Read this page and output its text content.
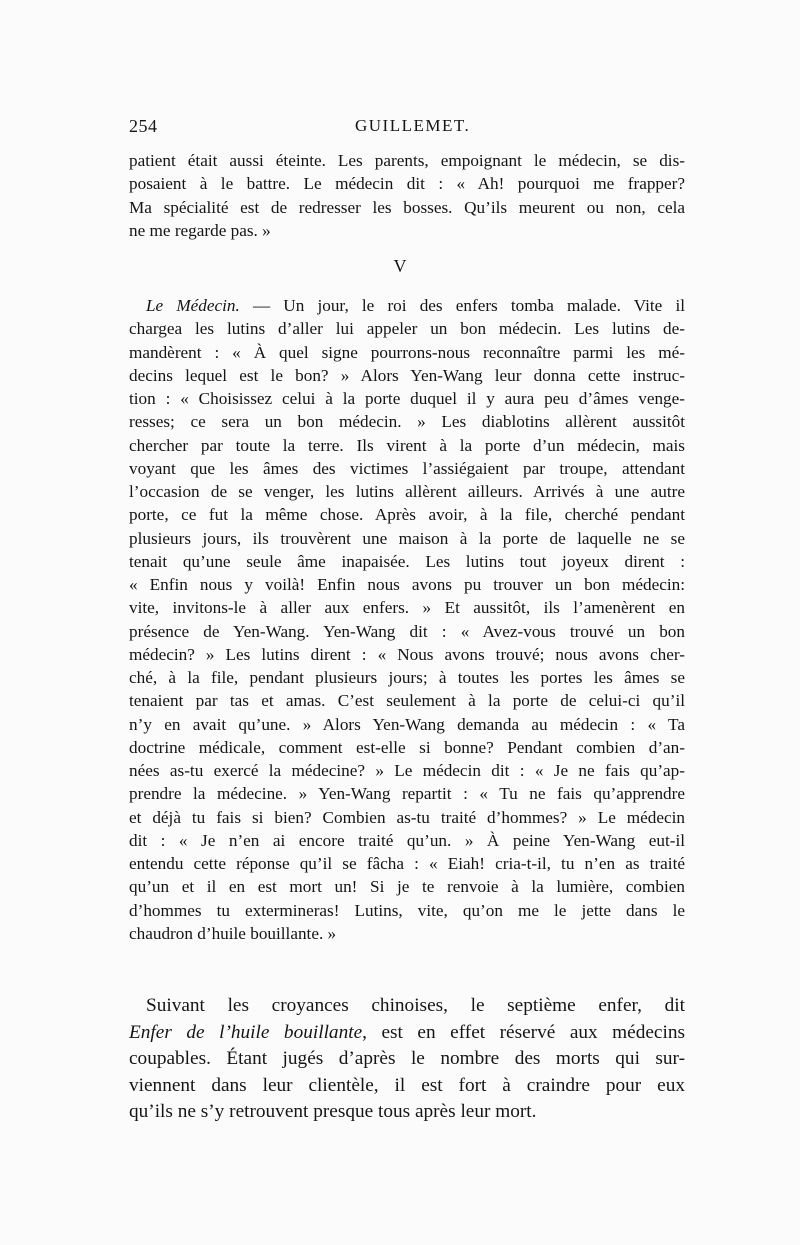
254	GUILLEMET.
patient était aussi éteinte. Les parents, empoignant le médecin, se dis-
posaient à le battre. Le médecin dit : « Ah! pourquoi me frapper?
Ma spécialité est de redresser les bosses. Qu’ils meurent ou non, cela
ne me regarde pas. »
V
Le Médecin. — Un jour, le roi des enfers tomba malade. Vite il
chargea les lutins d’aller lui appeler un bon médecin. Les lutins de-
mandèrent : « À quel signe pourrons-nous reconnaître parmi les mé-
decins lequel est le bon? » Alors Yen-Wang leur donna cette instruc-
tion : « Choisissez celui à la porte duquel il y aura peu d’âmes venge-
resses; ce sera un bon médecin. » Les diablotins allèrent aussitôt
chercher par toute la terre. Ils virent à la porte d’un médecin, mais
voyant que les âmes des victimes l’assiégaient par troupe, attendant
l’occasion de se venger, les lutins allèrent ailleurs. Arrivés à une autre
porte, ce fut la même chose. Après avoir, à la file, cherché pendant
plusieurs jours, ils trouvèrent une maison à la porte de laquelle ne se
tenait qu’une seule âme inapaisée. Les lutins tout joyeux dirent :
« Enfin nous y voilà! Enfin nous avons pu trouver un bon médecin:
vite, invitons-le à aller aux enfers. » Et aussitôt, ils l’amenèrent en
présence de Yen-Wang. Yen-Wang dit : « Avez-vous trouvé un bon
médecin? » Les lutins dirent : « Nous avons trouvé; nous avons cher-
ché, à la file, pendant plusieurs jours; à toutes les portes les âmes se
tenaient par tas et amas. C’est seulement à la porte de celui-ci qu’il
n’y en avait qu’une. » Alors Yen-Wang demanda au médecin : « Ta
doctrine médicale, comment est-elle si bonne? Pendant combien d’an-
nées as-tu exercé la médecine? » Le médecin dit : « Je ne fais qu’ap-
prendre la médecine. » Yen-Wang repartit : « Tu ne fais qu’apprendre
et déjà tu fais si bien? Combien as-tu traité d’hommes? » Le médecin
dit : « Je n’en ai encore traité qu’un. » À peine Yen-Wang eut-il
entendu cette réponse qu’il se fâcha : « Eiah! cria-t-il, tu n’en as traité
qu’un et il en est mort un! Si je te renvoie à la lumière, combien
d’hommes tu extermineras! Lutins, vite, qu’on me le jette dans le
chaudron d’huile bouillante. »
Suivant les croyances chinoises, le septième enfer, dit
Enfer de l’huile bouillante, est en effet réservé aux médecins
coupables. Étant jugés d’après le nombre des morts qui sur-
viennent dans leur clientèle, il est fort à craindre pour eux
qu’ils ne s’y retrouvent presque tous après leur mort.
